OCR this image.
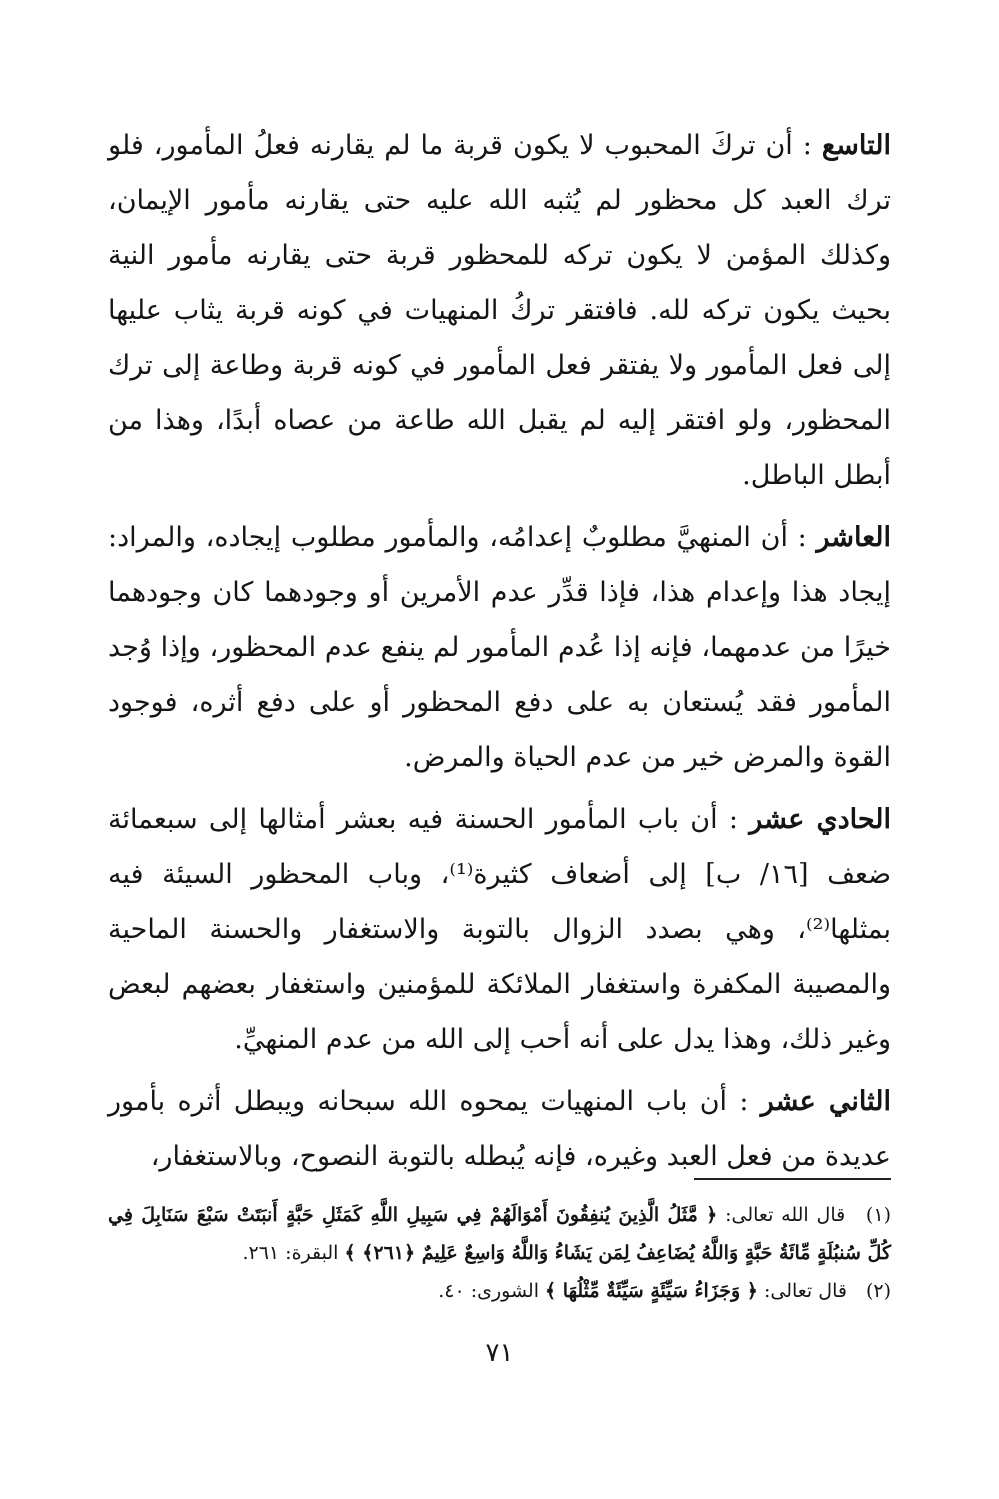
التاسع : أن تركَ المحبوب لا يكون قربة ما لم يقارنه فعلُ المأمور، فلو ترك العبد كل محظور لم يُثبه الله عليه حتى يقارنه مأمور الإيمان، وكذلك المؤمن لا يكون تركه للمحظور قربة حتى يقارنه مأمور النية بحيث يكون تركه لله. فافتقر تركُ المنهيات في كونه قربة يثاب عليها إلى فعل المأمور ولا يفتقر فعل المأمور في كونه قربة وطاعة إلى ترك المحظور، ولو افتقر إليه لم يقبل الله طاعة من عصاه أبدًا، وهذا من أبطل الباطل.

العاشر : أن المنهيَّ مطلوبٌ إعدامُه، والمأمور مطلوب إيجاده، والمراد: إيجاد هذا وإعدام هذا، فإذا قدِّر عدم الأمرين أو وجودهما كان وجودهما خيرًا من عدمهما، فإنه إذا عُدم المأمور لم ينفع عدم المحظور، وإذا وُجد المأمور فقد يُستعان به على دفع المحظور أو على دفع أثره، فوجود القوة والمرض خير من عدم الحياة والمرض.

الحادي عشر : أن باب المأمور الحسنة فيه بعشر أمثالها إلى سبعمائة ضعف [١٦/ ب] إلى أضعاف كثيرة⁽¹⁾، وباب المحظور السيئة فيه بمثلها⁽²⁾، وهي بصدد الزوال بالتوبة والاستغفار والحسنة الماحية والمصيبة المكفرة واستغفار الملائكة للمؤمنين واستغفار بعضهم لبعض وغير ذلك، وهذا يدل على أنه أحب إلى الله من عدم المنهيِّ.

الثاني عشر : أن باب المنهيات يمحوه الله سبحانه ويبطل أثره بأمور عديدة من فعل العبد وغيره، فإنه يُبطله بالتوبة النصوح، وبالاستغفار،

(١) قال الله تعالى: ﴿ مَّثَلُ الَّذِينَ يُنفِقُونَ أَمْوَالَهُمْ فِي سَبِيلِ اللَّهِ كَمَثَلِ حَبَّةٍ أَنبَتَتْ سَبْعَ سَنَابِلَ فِي كُلِّ سُنبُلَةٍ مِّائَةُ حَبَّةٍ وَاللَّهُ يُضَاعِفُ لِمَن يَشَاءُ وَاللَّهُ وَاسِعٌ عَلِيمٌ ﴿٢٦١﴾ ﴾ البقرة: ٢٦١.

(٢) قال تعالى: ﴿ وَجَزَاءُ سَيِّئَةٍ سَيِّئَةٌ مِّثْلُهَا ﴾ الشورى: ٤٠.

٧١
